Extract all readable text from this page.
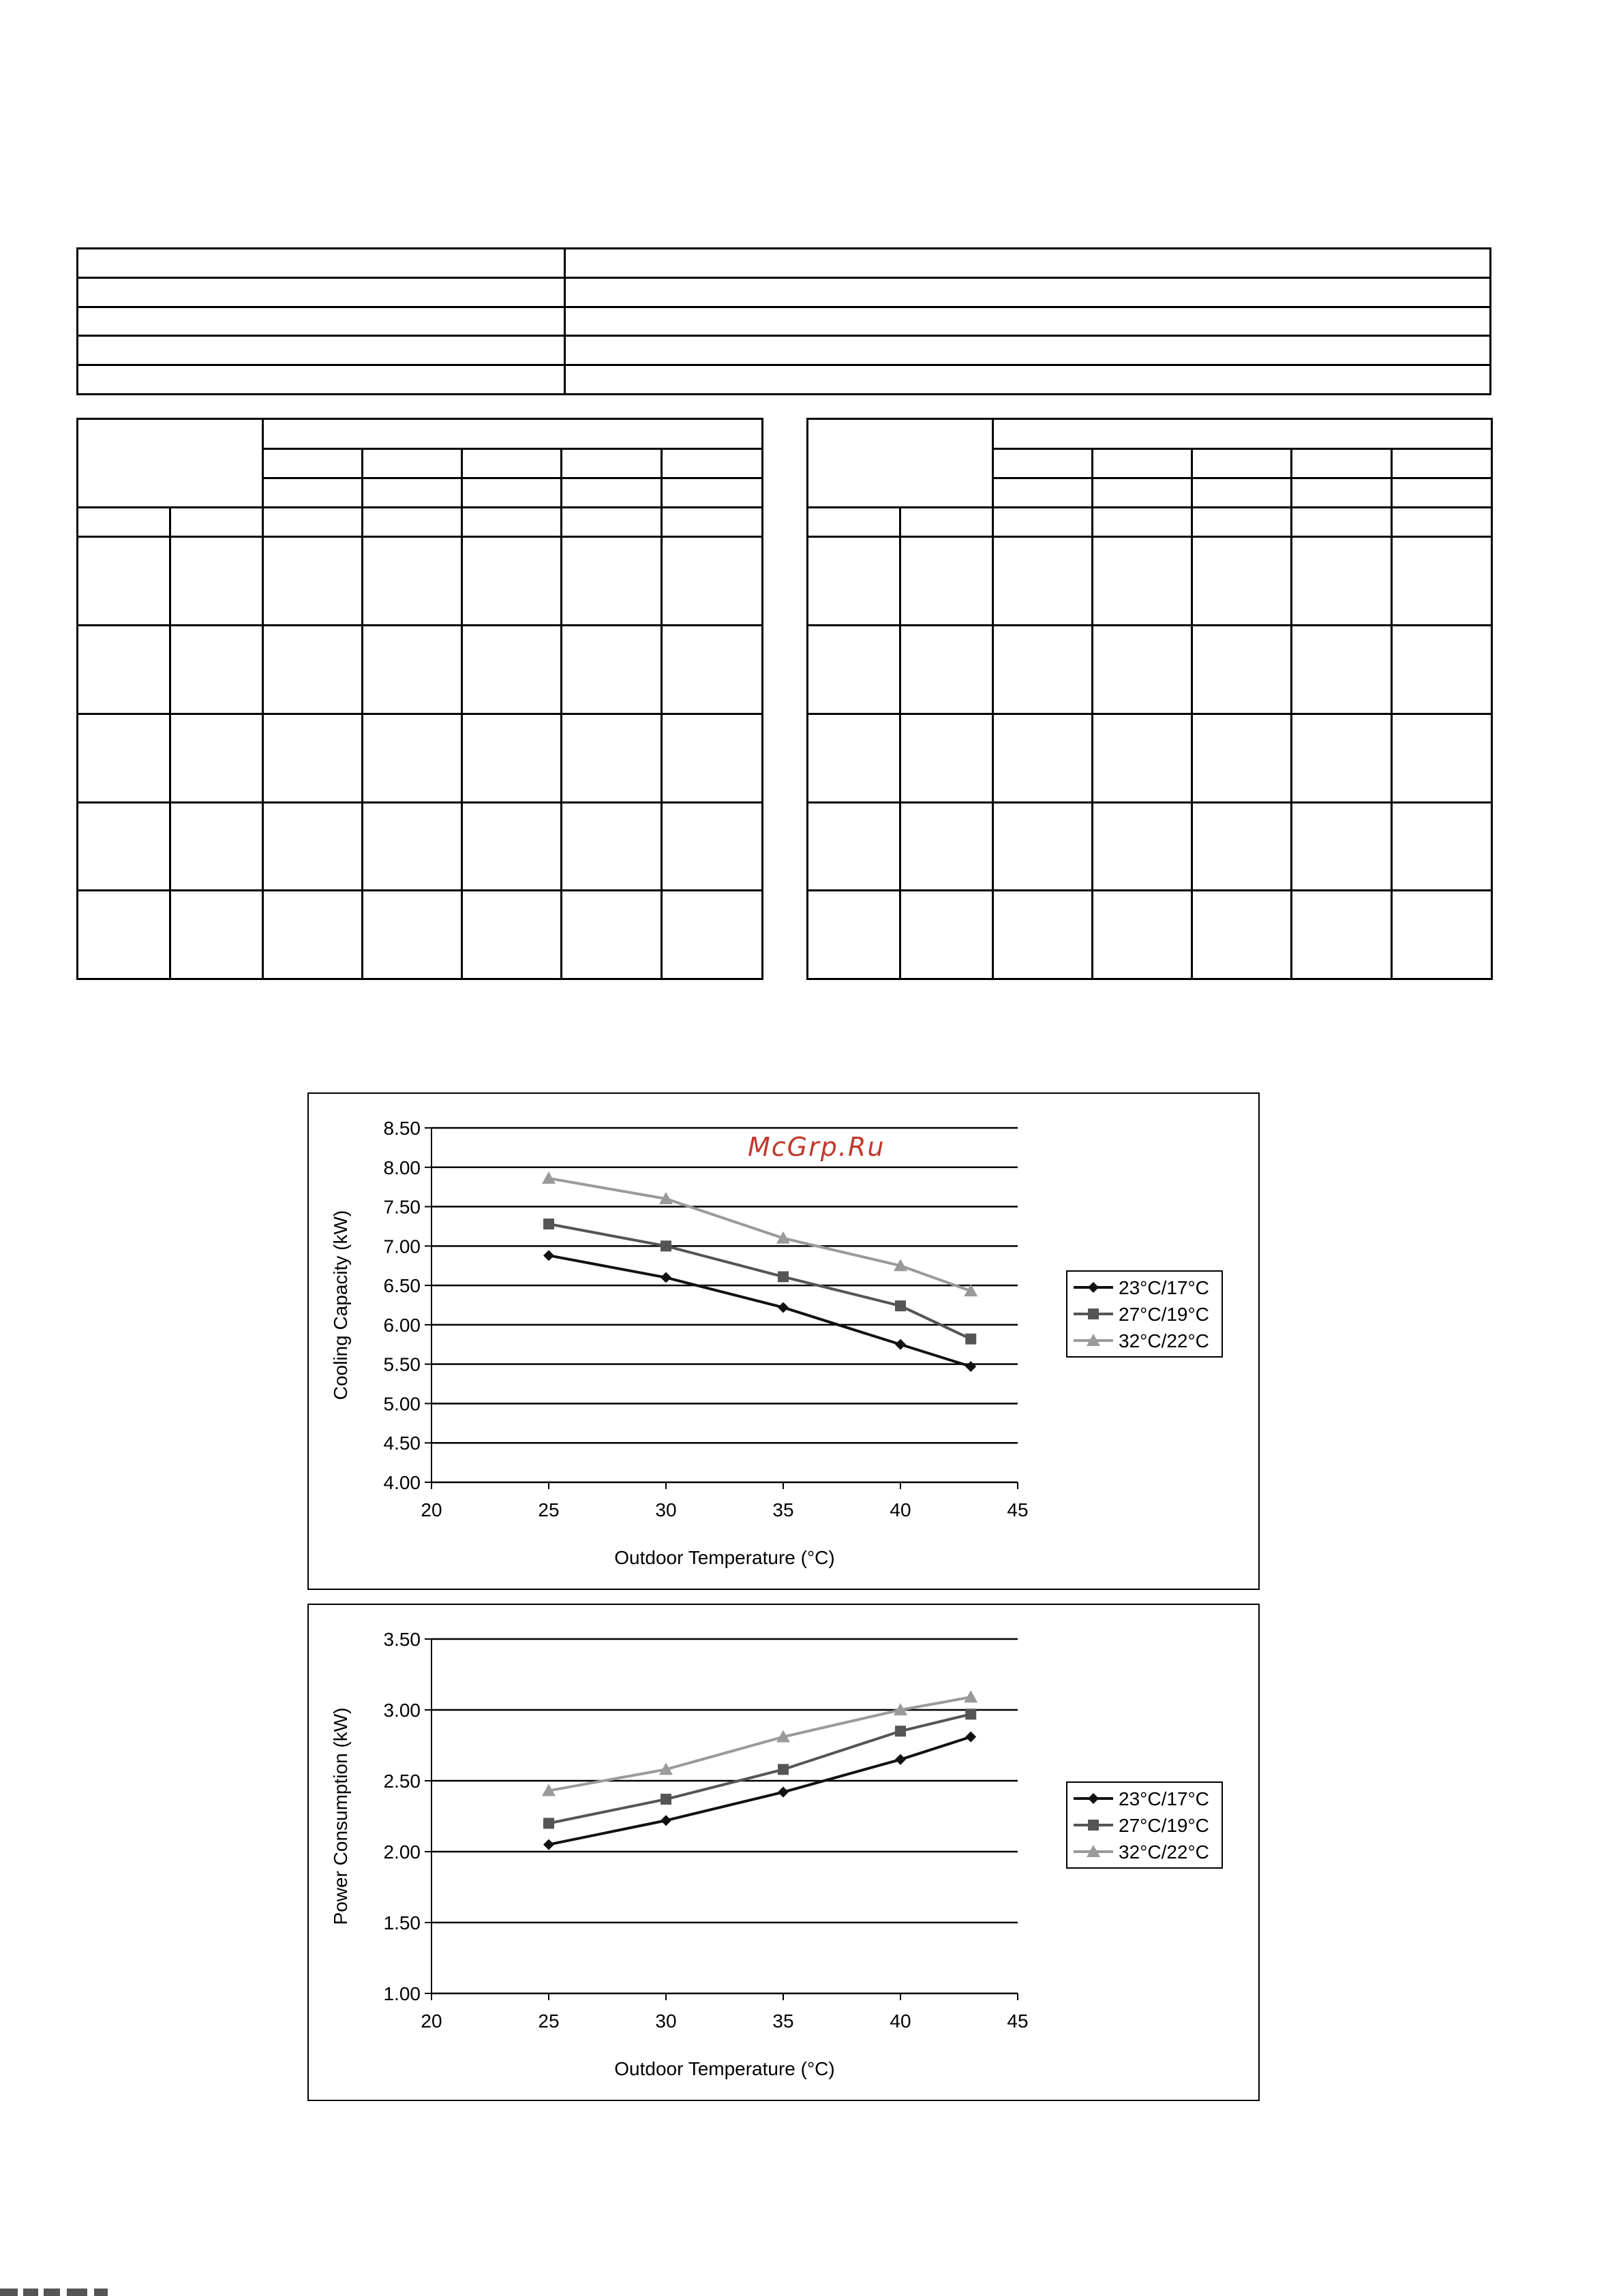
4.00
4.50
5.00
5.50
6.00
6.50
7.00
7.50
8.00
8.50
20	25	30	35	40	45
Outdoor Temperature (°C)
Cooling Capacity (kW)	23°C/17°C
27°C/19°C
32°C/22°C
McGrp.Ru
1.00
1.50
2.00
2.50
3.00
3.50
20	25	30	35	40	45
Outdoor Temperature (°C)
Power Consumption (kW)	23°C/17°C
27°C/19°C
32°C/22°C
